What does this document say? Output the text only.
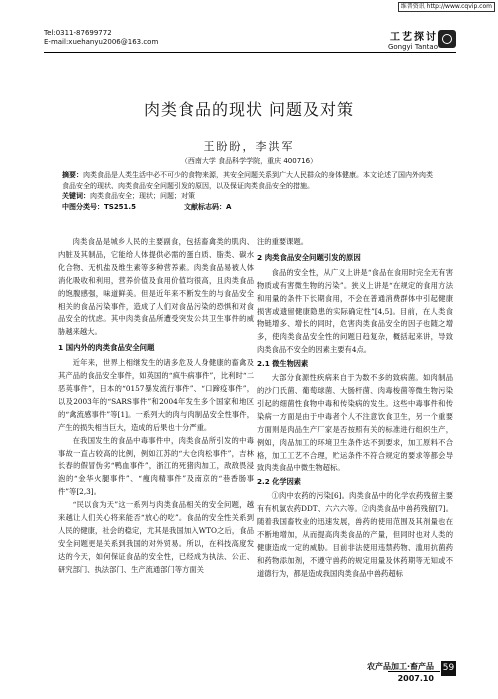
维普资讯 http://www.cqvip.com
Tel:0311-87699772
E-mail:xuehanyu2006@163.com	工艺探讨
Gongyi Tantao
肉类食品的现状 问题及对策
王盼盼，李洪军
（西南大学 食品科学学院，重庆 400716）
摘要：肉类食品是人类生活中必不可少的食物来源，其安全问题关系到广大人民群众的身体健康。本文论述了国内外肉类食品安全的现状、肉类食品安全问题引发的原因，以及保证肉类食品安全的措施。
关键词：肉类食品安全；现状；问题；对策
中图分类号：TS251.5	文献标志码：A

肉类食品是城乡人民的主要副食，包括畜禽类的肌肉、内脏及其制品，它能给人体提供必需的蛋白质、脂类、碳水化合物、无机盐及维生素等多种营养素。肉类食品易被人体消化吸收和利用，营养价值及食用价值均很高，且肉类食品的饱腹感强，味道鲜美。但是近年来不断发生的与食品安全相关的食品污染事件，造成了人们对食品污染的恐惧和对食品安全的忧虑。其中肉类食品所遭受突发公共卫生事件的威胁越来越大。

1 国内外的肉类食品安全问题

近年来，世界上相继发生的诸多危及人身健康的畜禽及其产品的食品安全事件，如英国的“疯牛病事件”，比利时“二恶英事件”，日本的“0157暴发流行事件”、“口蹄疫事件”，以及2003年的“SARS事件”和2004年发生多个国家和地区的“禽流感事件”等[1]。一系列大的肉与肉制品安全性事件，产生的损失相当巨大，造成的后果也十分严重。

在我国发生的食品中毒事件中，肉类食品所引发的中毒事故一直占较高的比例，例如江苏的“大仓肉松事件”，吉林长春的假冒伪劣“鸭血事件”，浙江的死猪肉加工，敌敌畏浸泡的“金华火腿事件”、“瘦肉精事件”及南京的“巷香肠事件”等[2,3]。

“民以食为天”这一系列与肉类食品相关的安全问题，越来越让人们关心将来能否“放心的吃”。食品的安全性关系到人民的健康，社会的稳定，尤其是我国加入WTO之后，食品安全问题更是关系到我国的对外贸易。所以，在科技高度发达的今天，如何保证食品的安全性，已经成为执法、公正、研究部门、执法部门、生产流通部门等方面关

注的重要课题。

2 肉类食品安全问题引发的原因

食品的安全性，从广义上讲是“食品在食用时完全无有害物质或有害微生物的污染”。狭义上讲是“在规定的食用方法和用量的条件下长期食用，不会在普通消费群体中引起健康损害或遗留健康隐患的实际确定性”[4,5]。目前，在人类食物链增多、增长的同时，危害肉类食品安全的因子也随之增多，使肉类食品安全性的问题日趋复杂，概括起来讲，导致肉类食品不安全的因素主要有4点。

2.1 微生物因素

大部分食源性疾病来自于为数不多的致病菌。如肉制品的沙门氏菌、葡萄球菌、大肠杆菌、肉毒梭菌等微生物污染引起的细菌性食物中毒和传染病的发生。这些中毒事件和传染病一方面是由于中毒者个人不注意饮食卫生，另一个重要方面则是肉品生产厂家是否按照有关的标准进行组织生产，例如，肉品加工的环境卫生条件达不到要求，加工原料不合格，加工工艺不合理，贮运条件不符合规定的要求等都会导致肉类食品中微生物超标。

2.2 化学因素

①肉中农药的污染[6]。肉类食品中的化学农药残留主要有有机氯农药DDT、六六六等。②肉类食品中兽药残留[7]。随着我国畜牧业的迅速发展，兽药的使用范围及其剂量也在不断地增加，从而提高肉类食品的产量，但同时也对人类的健康造成一定的威胁。目前非法使用违禁药物、滥用抗菌药和药物添加剂，不遵守兽药的规定用量及休药期等无知或不道德行为，都是造成我国肉类食品中兽药超标

农产品加工·畜产品
2007.10
59
